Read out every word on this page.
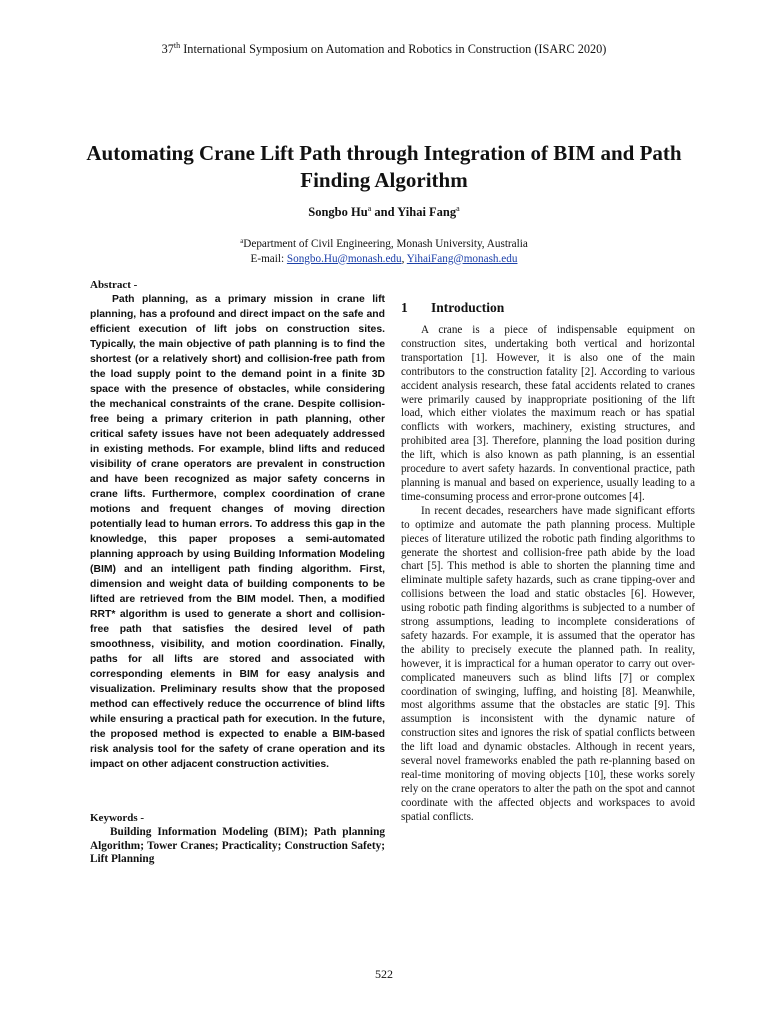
37th International Symposium on Automation and Robotics in Construction (ISARC 2020)
Automating Crane Lift Path through Integration of BIM and Path Finding Algorithm
Songbo Hu$^a$ and Yihai Fang$^a$
$^a$Department of Civil Engineering, Monash University, Australia
E-mail: Songbo.Hu@monash.edu, YihaiFang@monash.edu
Abstract -

Path planning, as a primary mission in crane lift planning, has a profound and direct impact on the safe and efficient execution of lift jobs on construction sites. Typically, the main objective of path planning is to find the shortest (or a relatively short) and collision-free path from the load supply point to the demand point in a finite 3D space with the presence of obstacles, while considering the mechanical constraints of the crane. Despite collision-free being a primary criterion in path planning, other critical safety issues have not been adequately addressed in existing methods. For example, blind lifts and reduced visibility of crane operators are prevalent in construction and have been recognized as major safety concerns in crane lifts. Furthermore, complex coordination of crane motions and frequent changes of moving direction potentially lead to human errors. To address this gap in the knowledge, this paper proposes a semi-automated planning approach by using Building Information Modeling (BIM) and an intelligent path finding algorithm. First, dimension and weight data of building components to be lifted are retrieved from the BIM model. Then, a modified RRT* algorithm is used to generate a short and collision-free path that satisfies the desired level of path smoothness, visibility, and motion coordination. Finally, paths for all lifts are stored and associated with corresponding elements in BIM for easy analysis and visualization. Preliminary results show that the proposed method can effectively reduce the occurrence of blind lifts while ensuring a practical path for execution. In the future, the proposed method is expected to enable a BIM-based risk analysis tool for the safety of crane operation and its impact on other adjacent construction activities.

Keywords -

Building Information Modeling (BIM); Path planning Algorithm; Tower Cranes; Practicality; Construction Safety; Lift Planning

1 Introduction

A crane is a piece of indispensable equipment on construction sites, undertaking both vertical and horizontal transportation [1]. However, it is also one of the main contributors to the construction fatality [2]. According to various accident analysis research, these fatal accidents related to cranes were primarily caused by inappropriate positioning of the lift load, which either violates the maximum reach or has spatial conflicts with workers, machinery, existing structures, and prohibited area [3]. Therefore, planning the load position during the lift, which is also known as path planning, is an essential procedure to avert safety hazards. In conventional practice, path planning is manual and based on experience, usually leading to a time-consuming process and error-prone outcomes [4].

In recent decades, researchers have made significant efforts to optimize and automate the path planning process. Multiple pieces of literature utilized the robotic path finding algorithms to generate the shortest and collision-free path abide by the load chart [5]. This method is able to shorten the planning time and eliminate multiple safety hazards, such as crane tipping-over and collisions between the load and static obstacles [6]. However, using robotic path finding algorithms is subjected to a number of strong assumptions, leading to incomplete considerations of safety hazards. For example, it is assumed that the operator has the ability to precisely execute the planned path. In reality, however, it is impractical for a human operator to carry out over-complicated maneuvers such as blind lifts [7] or complex coordination of swinging, luffing, and hoisting [8]. Meanwhile, most algorithms assume that the obstacles are static [9]. This assumption is inconsistent with the dynamic nature of construction sites and ignores the risk of spatial conflicts between the lift load and dynamic obstacles. Although in recent years, several novel frameworks enabled the path re-planning based on real-time monitoring of moving objects [10], these works sorely rely on the crane operators to alter the path on the spot and cannot coordinate with the affected objects and workspaces to avoid spatial conflicts.

522
